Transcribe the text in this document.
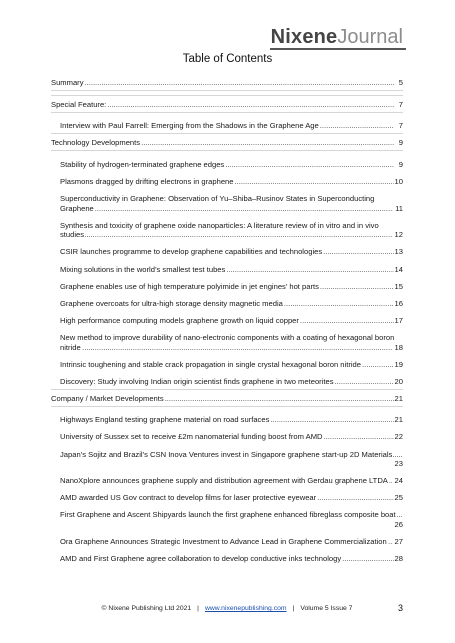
NixeneJournal
Table of Contents
Summary .....	5
Special Feature: .....	7
Interview with Paul Farrell: Emerging from the Shadows in the Graphene Age .....	7
Technology Developments .....	9
Stability of hydrogen-terminated graphene edges .....	9
Plasmons dragged by drifting electrons in graphene .....	10
Superconductivity in Graphene: Observation of Yu–Shiba–Rusinov States in Superconducting Graphene	11
.....
Synthesis and toxicity of graphene oxide nanoparticles: A literature review of in vitro and in vivo studies	12
.....
CSIR launches programme to develop graphene capabilities and technologies .....	13
Mixing solutions in the world’s smallest test tubes .....	14
Graphene enables use of high temperature polyimide in jet engines’ hot parts .....	15
Graphene overcoats for ultra-high storage density magnetic media .....	16
High performance computing models graphene growth on liquid copper .....	17
New method to improve durability of nano-electronic components with a coating of hexagonal boron nitride	18
.....
Intrinsic toughening and stable crack propagation in single crystal hexagonal boron nitride .....	19
Discovery: Study involving Indian origin scientist finds graphene in two meteorites .....	20
Company / Market Developments .....	21
Highways England testing graphene material on road surfaces .....	21
University of Sussex set to receive £2m nanomaterial funding boost from AMD .....	22
Japan’s Sojitz and Brazil’s CSN Inova Ventures invest in Singapore graphene start-up 2D Materials
23
.....
NanoXplore announces graphene supply and distribution agreement with Gerdau graphene LTDA 24
.....
AMD awarded US Gov contract to develop films for laser protective eyewear .....	25
First Graphene and Ascent Shipyards launch the first graphene enhanced fibreglass composite boat
26
.....
Ora Graphene Announces Strategic Investment to Advance Lead in Graphene Commercialization 27
.....
AMD and First Graphene agree collaboration to develop conductive inks technology .....	28
© Nixene Publishing Ltd 2021 | www.nixenepublishing.com | Volume 5 Issue 7	3
